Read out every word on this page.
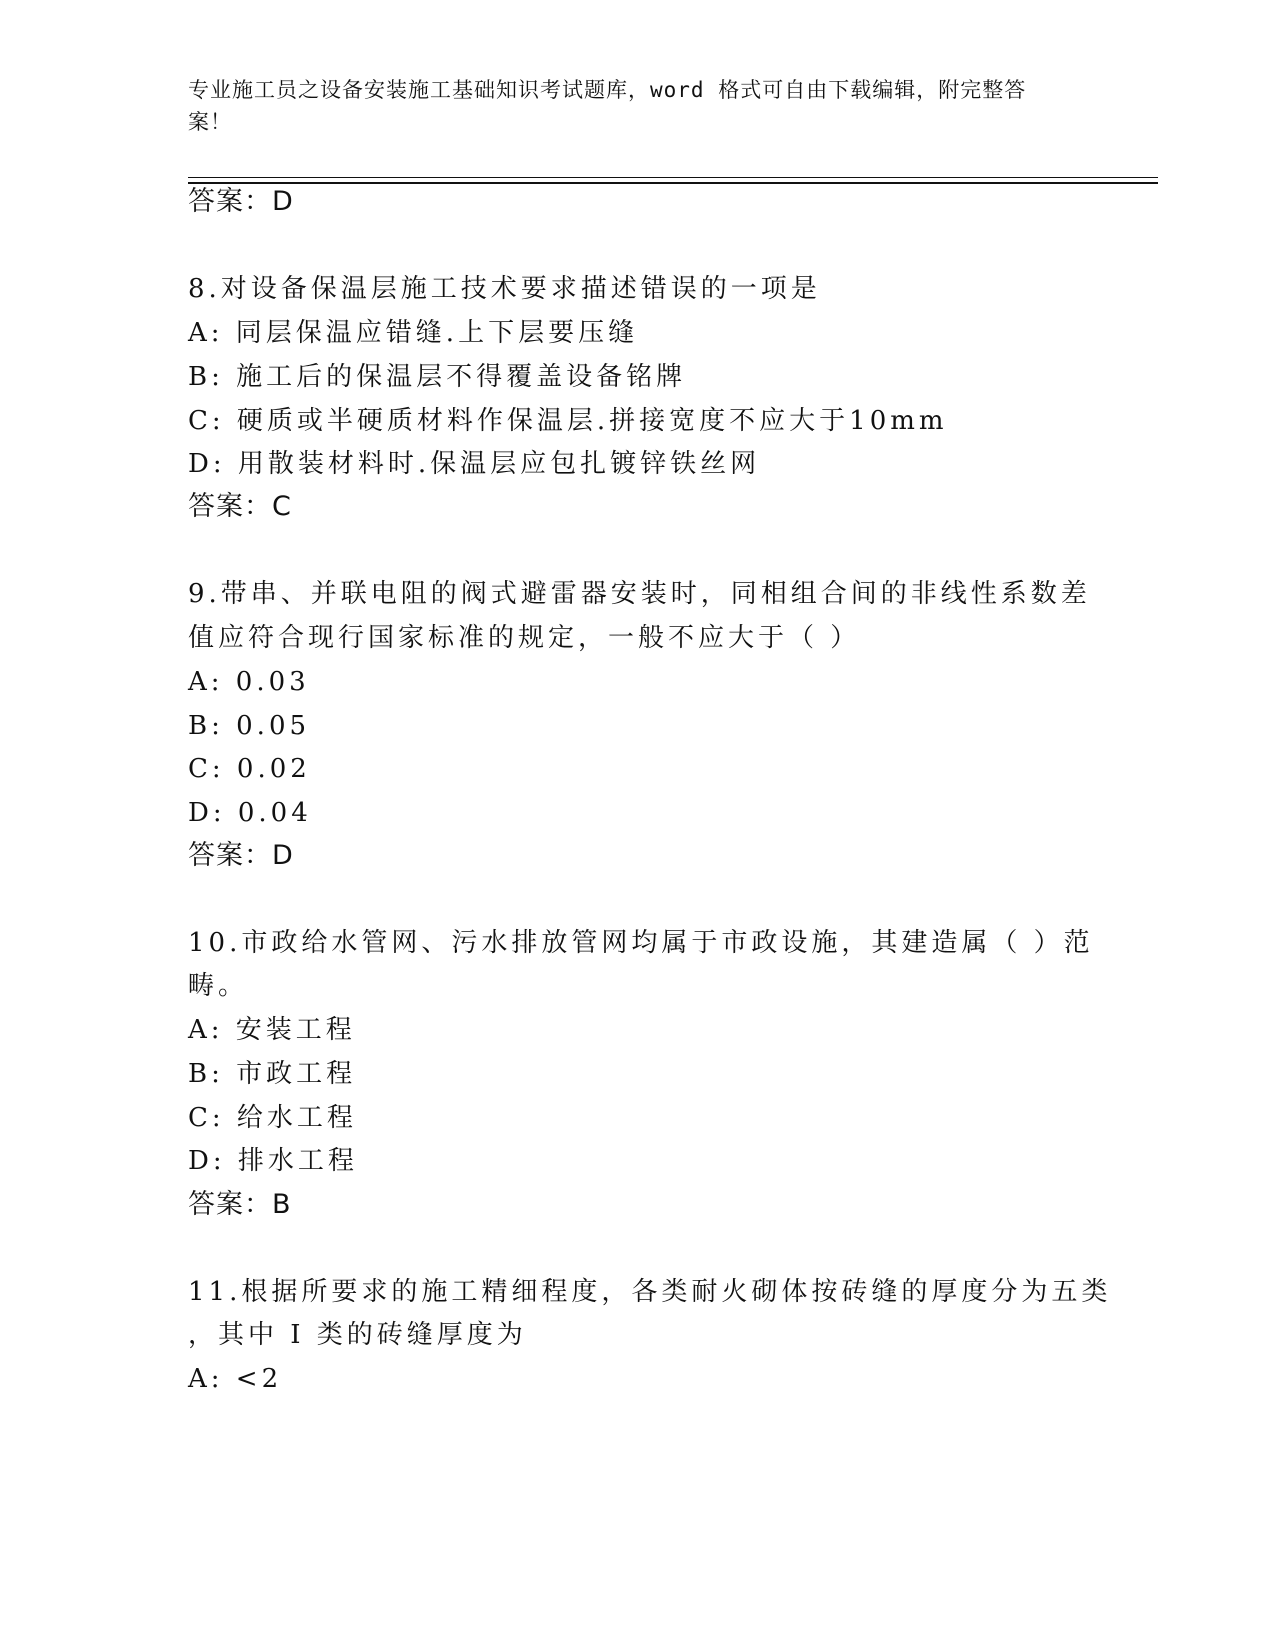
专业施工员之设备安装施工基础知识考试题库，word 格式可自由下载编辑，附完整答案！
答案：D
8.对设备保温层施工技术要求描述错误的一项是
A: 同层保温应错缝.上下层要压缝
B: 施工后的保温层不得覆盖设备铭牌
C: 硬质或半硬质材料作保温层.拼接宽度不应大于10mm
D: 用散装材料时.保温层应包扎镀锌铁丝网
答案：C
9.带串、并联电阻的阀式避雷器安装时，同相组合间的非线性系数差
值应符合现行国家标准的规定，一般不应大于（ ）
A: 0.03
B: 0.05
C: 0.02
D: 0.04
答案：D
10.市政给水管网、污水排放管网均属于市政设施，其建造属（ ）范
畴。
A: 安装工程
B: 市政工程
C: 给水工程
D: 排水工程
答案：B
11.根据所要求的施工精细程度，各类耐火砌体按砖缝的厚度分为五类
，其中 I 类的砖缝厚度为
A: <2
